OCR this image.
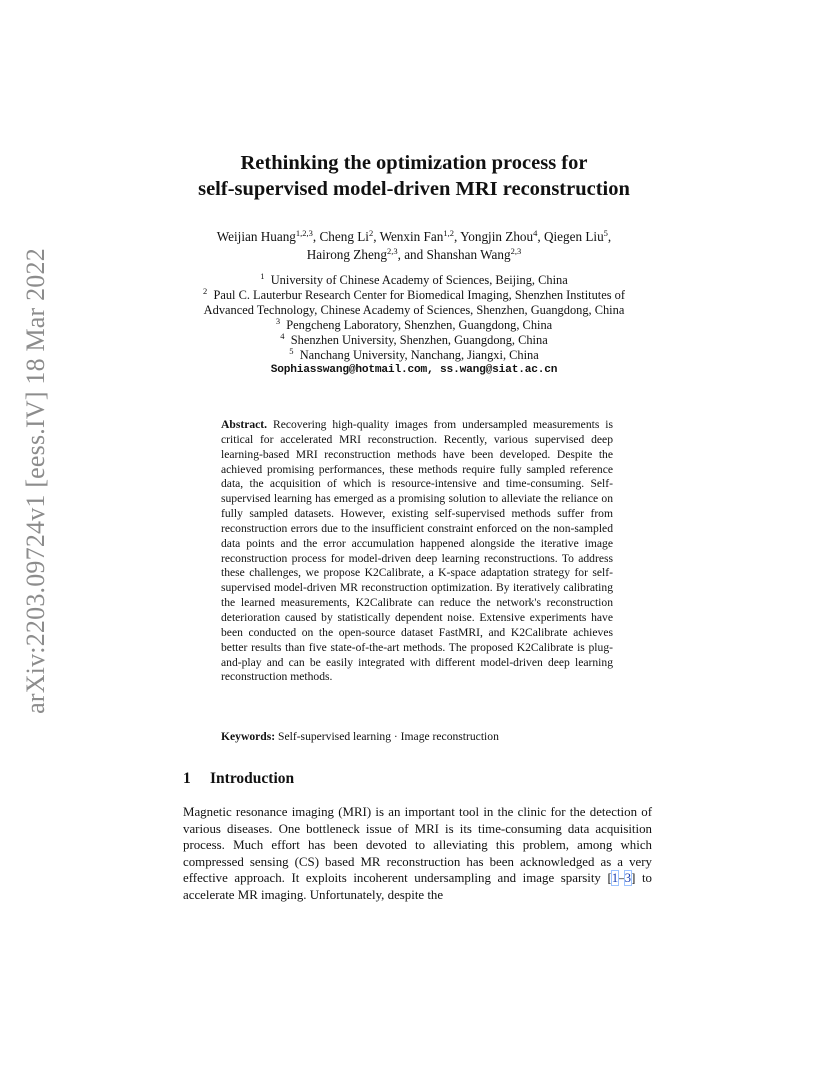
arXiv:2203.09724v1 [eess.IV] 18 Mar 2022
Rethinking the optimization process for
self-supervised model-driven MRI reconstruction
Weijian Huang$^{1,2,3}$, Cheng Li$^2$, Wenxin Fan$^{1,2}$, Yongjin Zhou$^4$, Qiegen Liu$^5$,
Hairong Zheng$^{2,3}$, and Shanshan Wang$^{2,3}$
$^1$ University of Chinese Academy of Sciences, Beijing, China
$^2$ Paul C. Lauterbur Research Center for Biomedical Imaging, Shenzhen Institutes of
Advanced Technology, Chinese Academy of Sciences, Shenzhen, Guangdong, China
$^3$ Pengcheng Laboratory, Shenzhen, Guangdong, China
$^4$ Shenzhen University, Shenzhen, Guangdong, China
$^5$ Nanchang University, Nanchang, Jiangxi, China
Sophiasswang@hotmail.com, ss.wang@siat.ac.cn
Abstract. Recovering high-quality images from undersampled measurements is critical for accelerated MRI reconstruction. Recently, various supervised deep learning-based MRI reconstruction methods have been developed. Despite the achieved promising performances, these methods require fully sampled reference data, the acquisition of which is resource-intensive and time-consuming. Self-supervised learning has emerged as a promising solution to alleviate the reliance on fully sampled datasets. However, existing self-supervised methods suffer from reconstruction errors due to the insufficient constraint enforced on the non-sampled data points and the error accumulation happened alongside the iterative image reconstruction process for model-driven deep learning reconstructions. To address these challenges, we propose K2Calibrate, a K-space adaptation strategy for self-supervised model-driven MR reconstruction optimization. By iteratively calibrating the learned measurements, K2Calibrate can reduce the network's reconstruction deterioration caused by statistically dependent noise. Extensive experiments have been conducted on the open-source dataset FastMRI, and K2Calibrate achieves better results than five state-of-the-art methods. The proposed K2Calibrate is plug-and-play and can be easily integrated with different model-driven deep learning reconstruction methods.
Keywords: Self-supervised learning · Image reconstruction
1 Introduction
Magnetic resonance imaging (MRI) is an important tool in the clinic for the detection of various diseases. One bottleneck issue of MRI is its time-consuming data acquisition process. Much effort has been devoted to alleviating this problem, among which compressed sensing (CS) based MR reconstruction has been acknowledged as a very effective approach. It exploits incoherent undersampling and image sparsity [1–3] to accelerate MR imaging. Unfortunately, despite the
